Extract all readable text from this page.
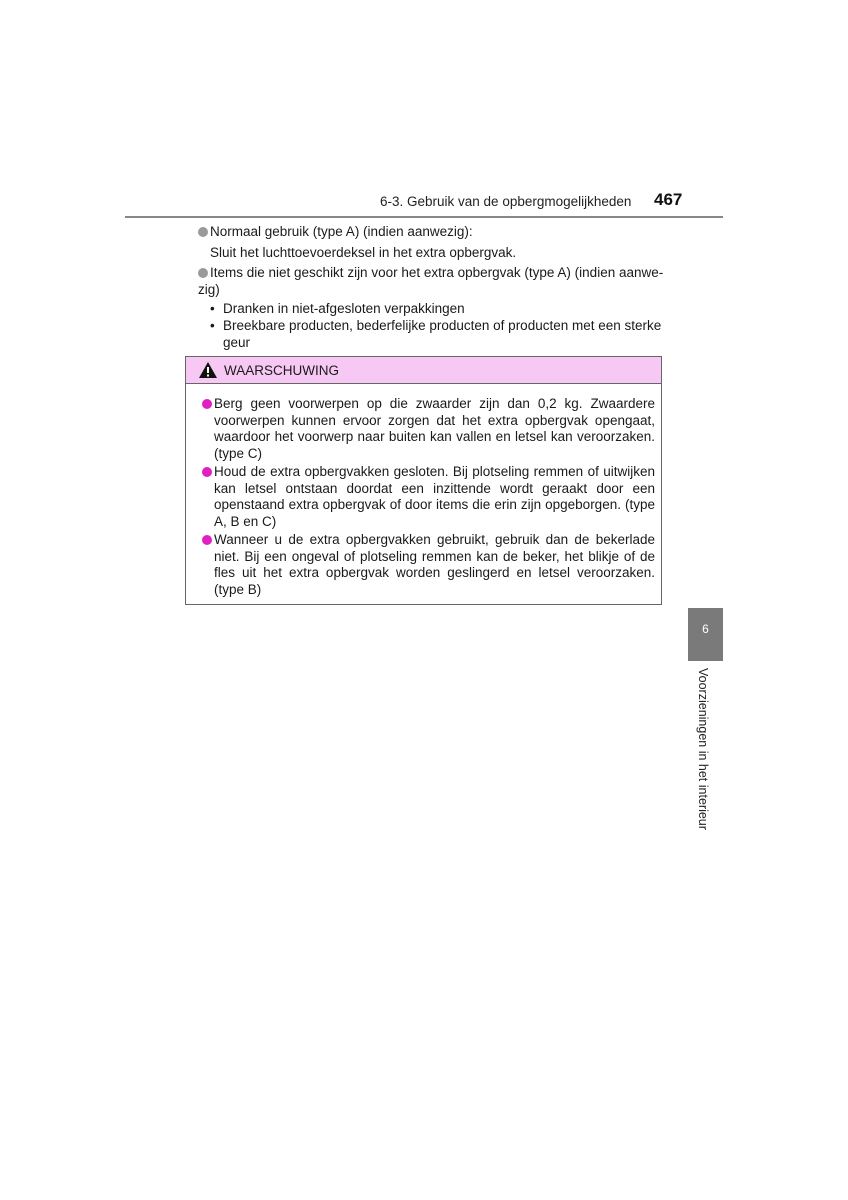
6-3. Gebruik van de opbergmogelijkheden 467
Normaal gebruik (type A) (indien aanwezig):
Sluit het luchttoevoerdeksel in het extra opbergvak.
Items die niet geschikt zijn voor het extra opbergvak (type A) (indien aanwe-
zig)
• Dranken in niet-afgesloten verpakkingen
• Breekbare producten, bederfelijke producten of producten met een sterke geur
WAARSCHUWING
Berg geen voorwerpen op die zwaarder zijn dan 0,2 kg. Zwaardere voorwerpen kunnen ervoor zorgen dat het extra opbergvak opengaat, waardoor het voorwerp naar buiten kan vallen en letsel kan veroorzaken. (type C)
Houd de extra opbergvakken gesloten. Bij plotseling remmen of uitwijken kan letsel ontstaan doordat een inzittende wordt geraakt door een openstaand extra opbergvak of door items die erin zijn opgeborgen. (type A, B en C)
Wanneer u de extra opbergvakken gebruikt, gebruik dan de bekerlade niet. Bij een ongeval of plotseling remmen kan de beker, het blikje of de fles uit het extra opbergvak worden geslingerd en letsel veroorzaken. (type B)
6
Voorzieningen in het interieur
